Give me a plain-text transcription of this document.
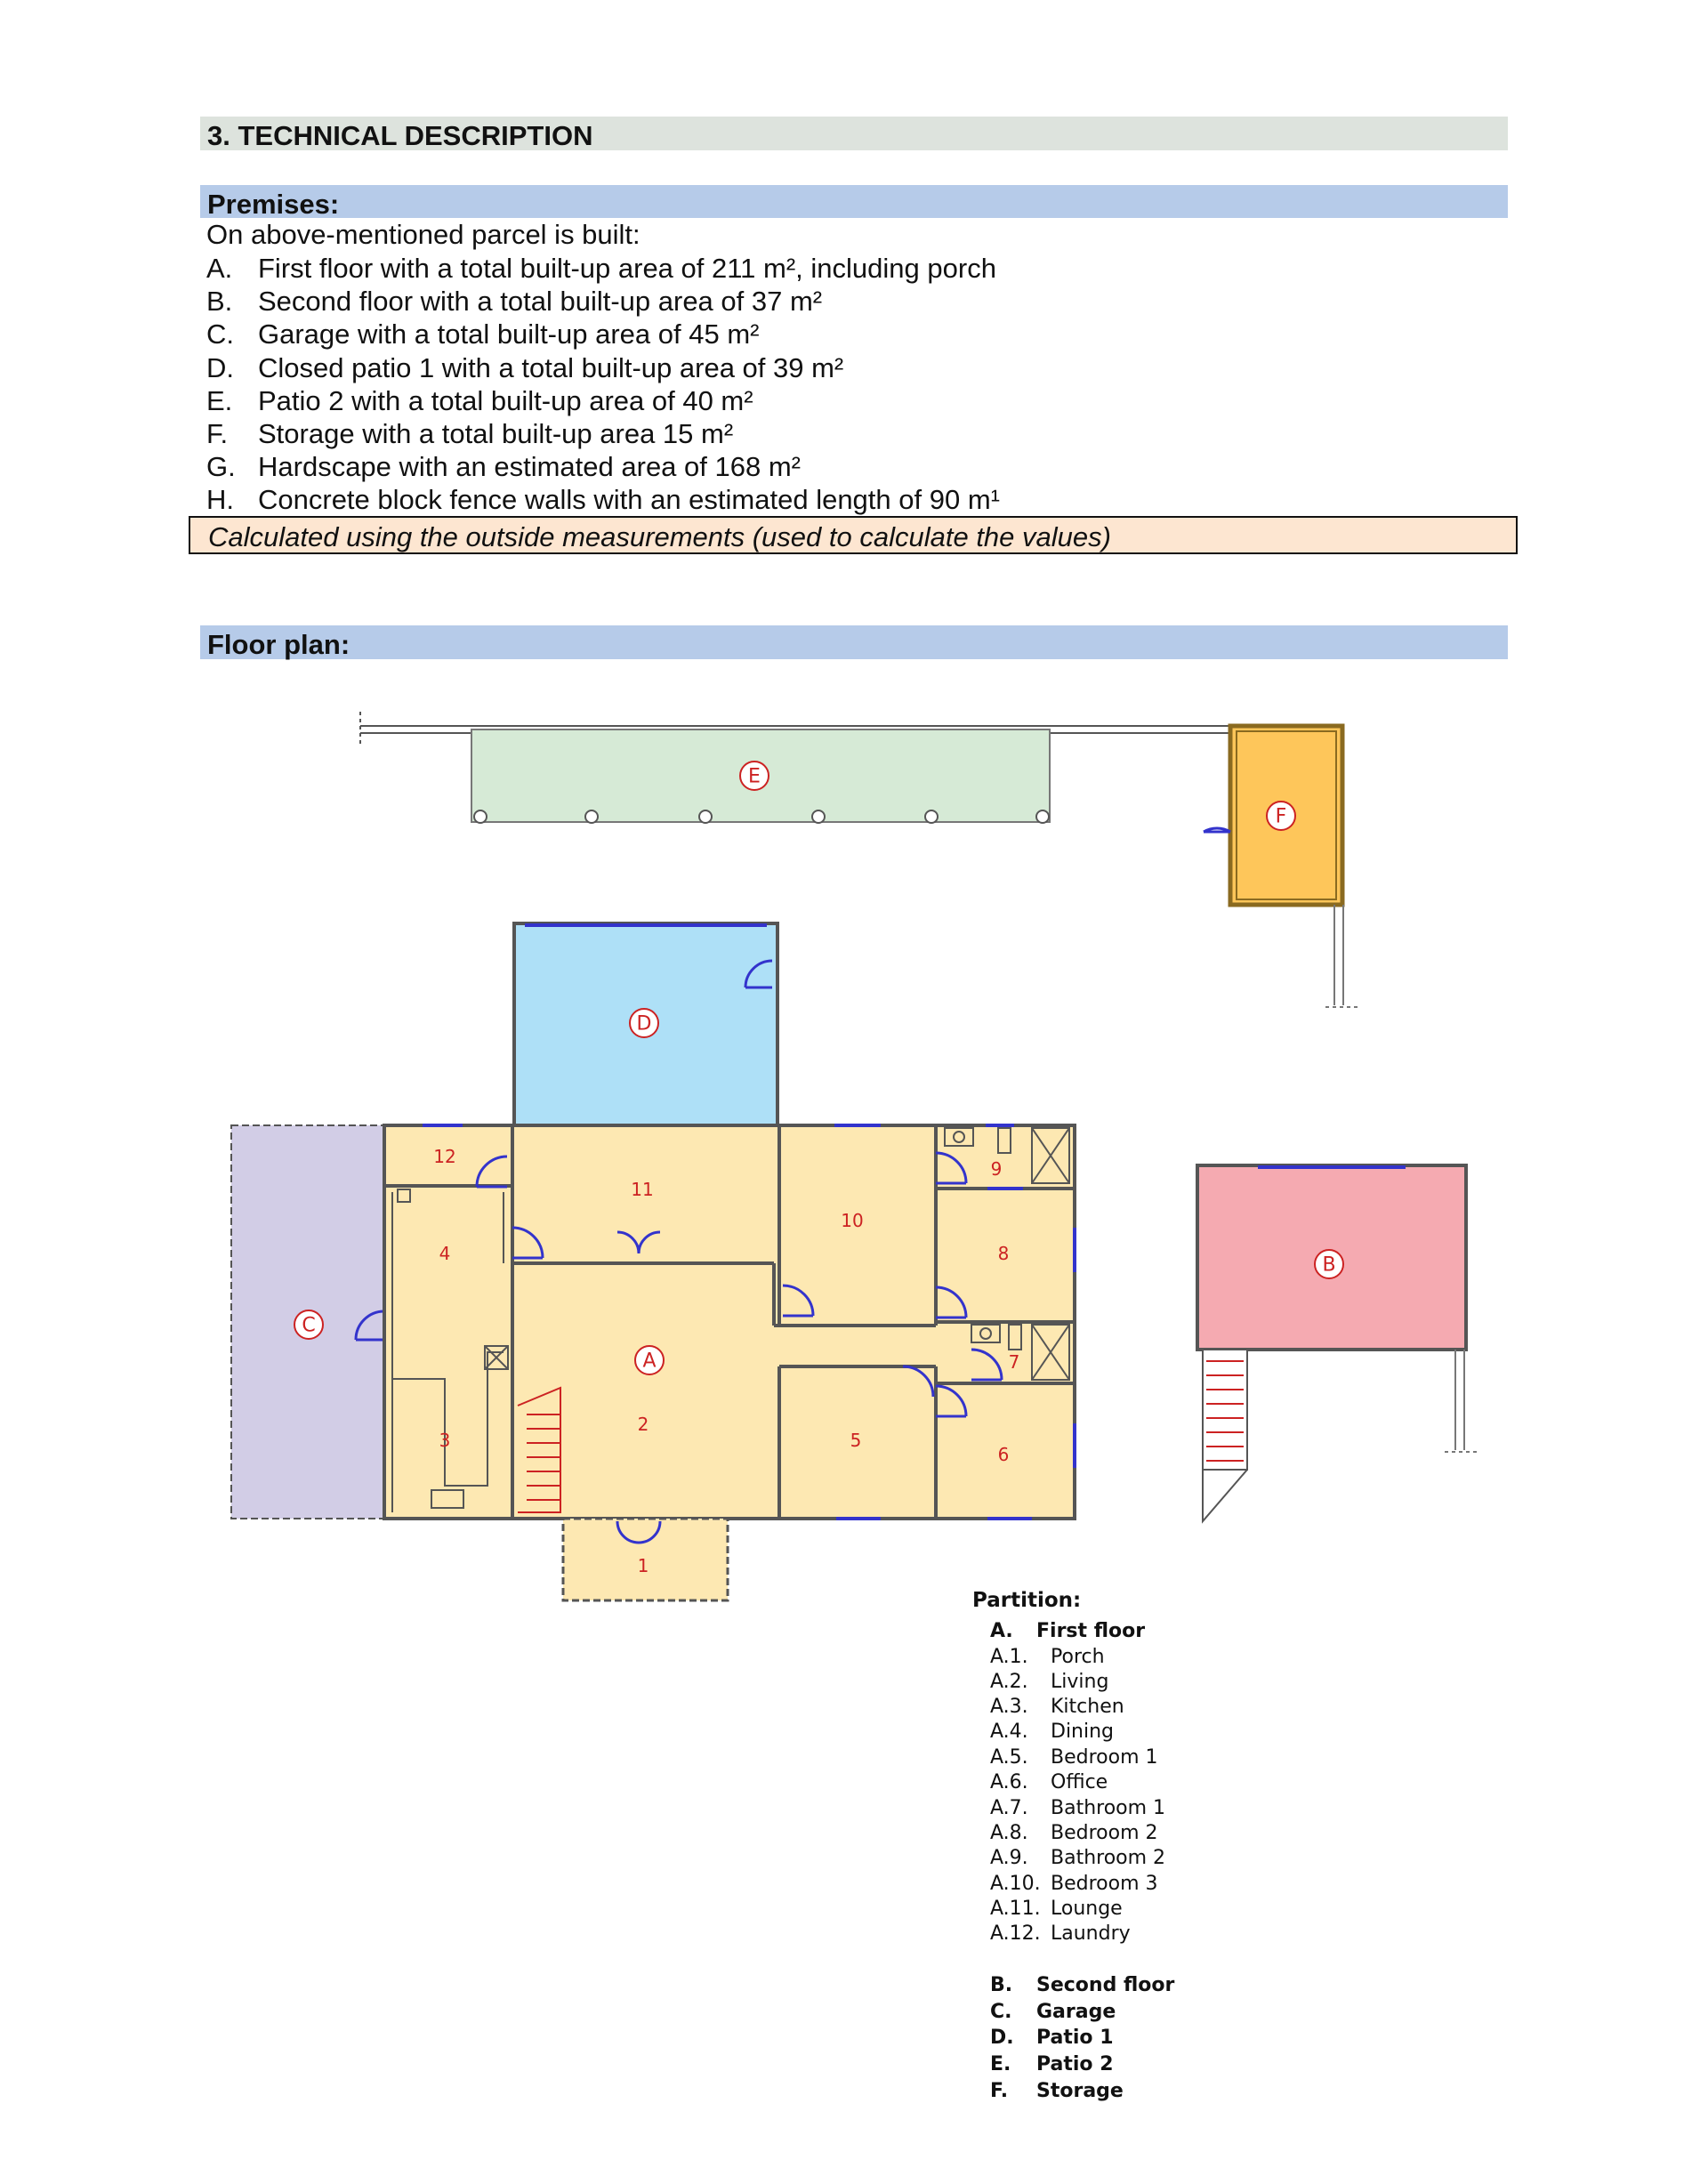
3. TECHNICAL DESCRIPTION
Premises:
On above-mentioned parcel is built:
A. First floor with a total built-up area of 211 m², including porch
B. Second floor with a total built-up area of 37 m²
C. Garage with a total built-up area of 45 m²
D. Closed patio 1 with a total built-up area of 39 m²
E. Patio 2 with a total built-up area of 40 m²
F. Storage with a total built-up area 15 m²
G. Hardscape with an estimated area of 168 m²
H. Concrete block fence walls with an estimated length of 90 m¹
Calculated using the outside measurements (used to calculate the values)
Floor plan:
E
F
D
C
A
B
1
2
3
4
5
6
7
8
9
10
11
12
Partition:
A. First floor
A.1. Porch
A.2. Living
A.3. Kitchen
A.4. Dining
A.5. Bedroom 1
A.6. Office
A.7. Bathroom 1
A.8. Bedroom 2
A.9. Bathroom 2
A.10. Bedroom 3
A.11. Lounge
A.12. Laundry
B. Second floor
C. Garage
D. Patio 1
E. Patio 2
F. Storage
